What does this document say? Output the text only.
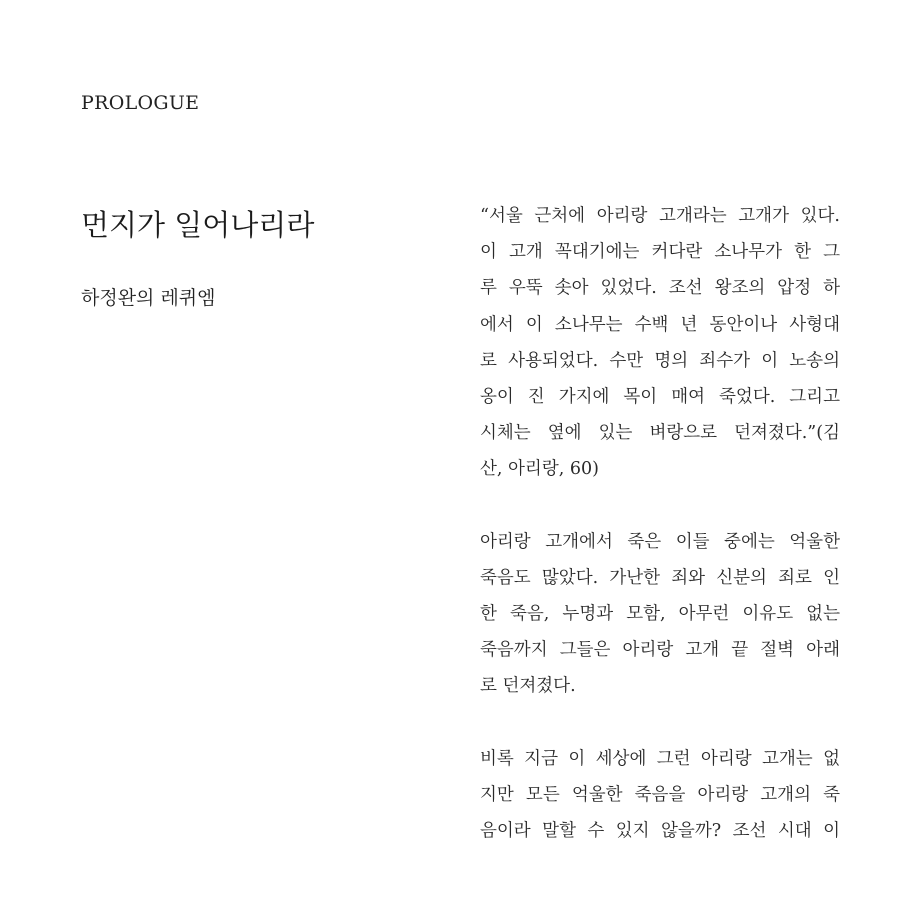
PROLOGUE
먼지가 일어나리라
하정완의 레퀴엠

“서울 근처에 아리랑 고개라는 고개가 있다.
이 고개 꼭대기에는 커다란 소나무가 한 그
루 우뚝 솟아 있었다. 조선 왕조의 압정 하
에서 이 소나무는 수백 년 동안이나 사형대
로 사용되었다. 수만 명의 죄수가 이 노송의
옹이 진 가지에 목이 매여 죽었다. 그리고
시체는 옆에 있는 벼랑으로 던져졌다.”(김
산, 아리랑, 60)

아리랑 고개에서 죽은 이들 중에는 억울한
죽음도 많았다. 가난한 죄와 신분의 죄로 인
한 죽음, 누명과 모함, 아무런 이유도 없는
죽음까지 그들은 아리랑 고개 끝 절벽 아래
로 던져졌다.

비록 지금 이 세상에 그런 아리랑 고개는 없
지만 모든 억울한 죽음을 아리랑 고개의 죽
음이라 말할 수 있지 않을까? 조선 시대 이
